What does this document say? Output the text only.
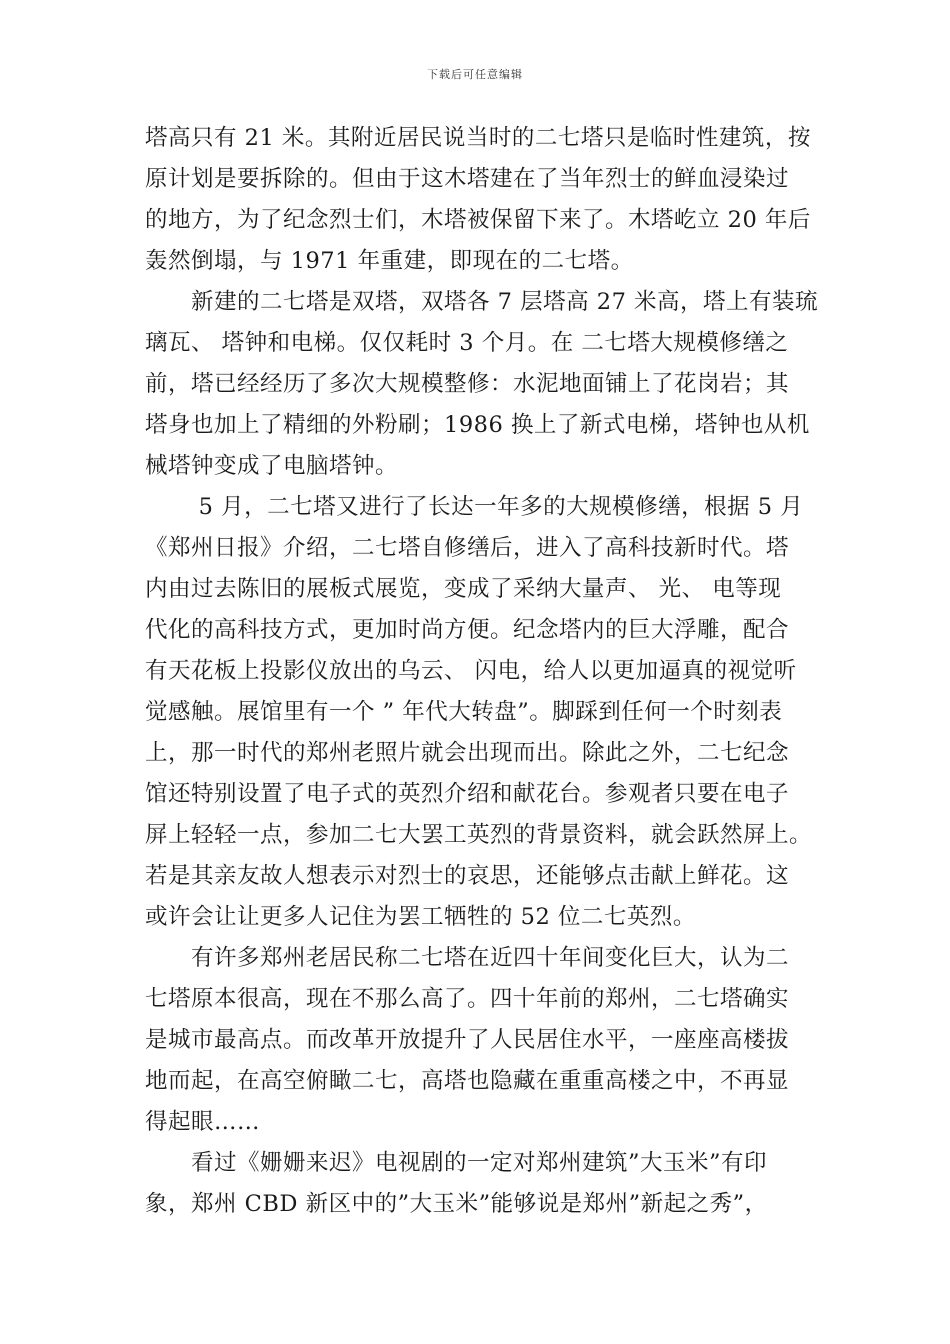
下载后可任意编辑

塔高只有 21 米。其附近居民说当时的二七塔只是临时性建筑，按
原计划是要拆除的。但由于这木塔建在了当年烈士的鲜血浸染过
的地方，为了纪念烈士们，木塔被保留下来了。木塔屹立 20 年后
轰然倒塌，与 1971 年重建，即现在的二七塔。

　　新建的二七塔是双塔，双塔各 7 层塔高 27 米高，塔上有装琉
璃瓦、 塔钟和电梯。仅仅耗时 3 个月。在 二七塔大规模修缮之
前，塔已经经历了多次大规模整修：水泥地面铺上了花岗岩；其
塔身也加上了精细的外粉刷；1986 换上了新式电梯，塔钟也从机
械塔钟变成了电脑塔钟。

　　 5 月，二七塔又进行了长达一年多的大规模修缮，根据 5 月
《郑州日报》介绍，二七塔自修缮后，进入了高科技新时代。塔
内由过去陈旧的展板式展览，变成了采纳大量声、 光、 电等现
代化的高科技方式，更加时尚方便。纪念塔内的巨大浮雕，配合
有天花板上投影仪放出的乌云、 闪电，给人以更加逼真的视觉听
觉感触。展馆里有一个 ” 年代大转盘”。脚踩到任何一个时刻表
上，那一时代的郑州老照片就会出现而出。除此之外，二七纪念
馆还特别设置了电子式的英烈介绍和献花台。参观者只要在电子
屏上轻轻一点，参加二七大罢工英烈的背景资料，就会跃然屏上。
若是其亲友故人想表示对烈士的哀思，还能够点击献上鲜花。这
或许会让让更多人记住为罢工牺牲的 52 位二七英烈。

　　有许多郑州老居民称二七塔在近四十年间变化巨大，认为二
七塔原本很高，现在不那么高了。四十年前的郑州，二七塔确实
是城市最高点。而改革开放提升了人民居住水平，一座座高楼拔
地而起，在高空俯瞰二七，高塔也隐藏在重重高楼之中，不再显
得起眼……

　　看过《姗姗来迟》电视剧的一定对郑州建筑”大玉米”有印
象，郑州 CBD 新区中的”大玉米”能够说是郑州”新起之秀”，
